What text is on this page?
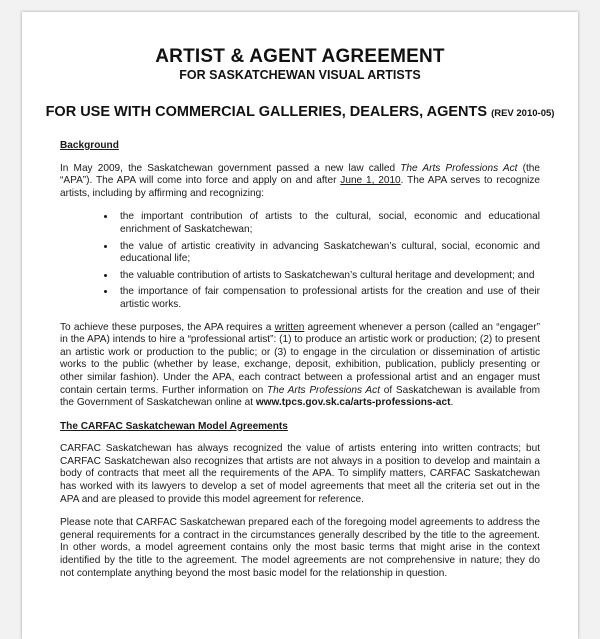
ARTIST & AGENT AGREEMENT
FOR SASKATCHEWAN VISUAL ARTISTS
FOR USE WITH COMMERCIAL GALLERIES, DEALERS, AGENTS (REV 2010-05)
Background

In May 2009, the Saskatchewan government passed a new law called The Arts Professions Act (the “APA”). The APA will come into force and apply on and after June 1, 2010. The APA serves to recognize artists, including by affirming and recognizing:

• the important contribution of artists to the cultural, social, economic and educational enrichment of Saskatchewan;
• the value of artistic creativity in advancing Saskatchewan’s cultural, social, economic and educational life;
• the valuable contribution of artists to Saskatchewan’s cultural heritage and development; and
• the importance of fair compensation to professional artists for the creation and use of their artistic works.

To achieve these purposes, the APA requires a written agreement whenever a person (called an “engager” in the APA) intends to hire a “professional artist”: (1) to produce an artistic work or production; (2) to present an artistic work or production to the public; or (3) to engage in the circulation or dissemination of artistic works to the public (whether by lease, exchange, deposit, exhibition, publication, publicly presenting or other similar fashion). Under the APA, each contract between a professional artist and an engager must contain certain terms. Further information on The Arts Professions Act of Saskatchewan is available from the Government of Saskatchewan online at www.tpcs.gov.sk.ca/arts-professions-act.

The CARFAC Saskatchewan Model Agreements

CARFAC Saskatchewan has always recognized the value of artists entering into written contracts; but CARFAC Saskatchewan also recognizes that artists are not always in a position to develop and maintain a body of contracts that meet all the requirements of the APA. To simplify matters, CARFAC Saskatchewan has worked with its lawyers to develop a set of model agreements that meet all the criteria set out in the APA and are pleased to provide this model agreement for reference.

Please note that CARFAC Saskatchewan prepared each of the foregoing model agreements to address the general requirements for a contract in the circumstances generally described by the title to the agreement. In other words, a model agreement contains only the most basic terms that might arise in the context identified by the title to the agreement. The model agreements are not comprehensive in nature; they do not contemplate anything beyond the most basic model for the relationship in question.
